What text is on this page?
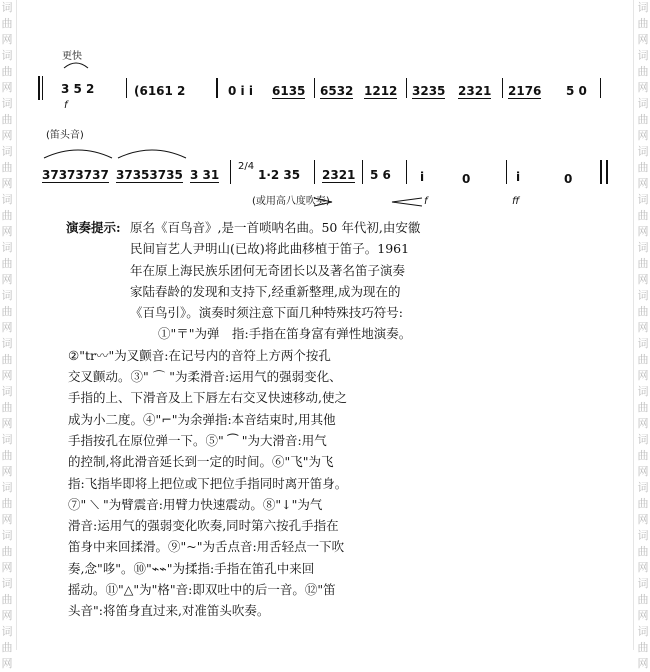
词
曲
网
词
曲
网
词
曲
网
词
曲
网
词
曲
网
词
曲
网
词
曲
网
词
曲
网
词
曲
网
词
曲
网
词
曲
网
词
曲
网
词
曲
网
词
曲
网
词
曲
网
词
曲
网
词
曲
网
词
曲
网
词
曲
网
词
曲
网
词
曲
网
词
曲
网
词
曲
网
词
曲
网
词
曲
网
词
曲
网
词
曲
网
词
曲
网
更快
3 5 2
f
(6161 2	0 i i 6135 6532 1212 3235 2321 2176 5 0
(笛头音)
37373737 37353735 3 31
2/4
1·2 35 2321 5 6 i	0	i	0
(或用高八度吹奏)	f	ff
演奏提示: 原名《百鸟音》,是一首唢呐名曲。50 年代初,由安徽

民间盲艺人尹明山(已故)将此曲移植于笛子。1961

年在原上海民族乐团何无奇团长以及著名笛子演奏

家陆春龄的发现和支持下,经重新整理,成为现在的

《百鸟引》。演奏时须注意下面几种特殊技巧符号:

①"〒"为弹　指:手指在笛身富有弹性地演奏。

②"tr〰"为叉颤音:在记号内的音符上方两个按孔

交叉颤动。③" ⌒ "为柔滑音:运用气的强弱变化、

手指的上、下滑音及上下唇左右交叉快速移动,使之

成为小二度。④"⌐"为余弹指:本音结束时,用其他

手指按孔在原位弹一下。⑤" ⁀ "为大滑音:用气

的控制,将此滑音延长到一定的时间。⑥"飞"为飞

指:飞指毕即将上把位或下把位手指同时离开笛身。

⑦" ⟍ "为臂震音:用臂力快速震动。⑧"↓"为气

滑音:运用气的强弱变化吹奏,同时第六按孔手指在

笛身中来回揉滑。⑨"~"为舌点音:用舌轻点一下吹

奏,念"哆"。⑩"⌁⌁"为揉指:手指在笛孔中来回

摇动。⑪"△"为"格"音:即双吐中的后一音。⑫"笛

头音":将笛身直过来,对准笛头吹奏。
